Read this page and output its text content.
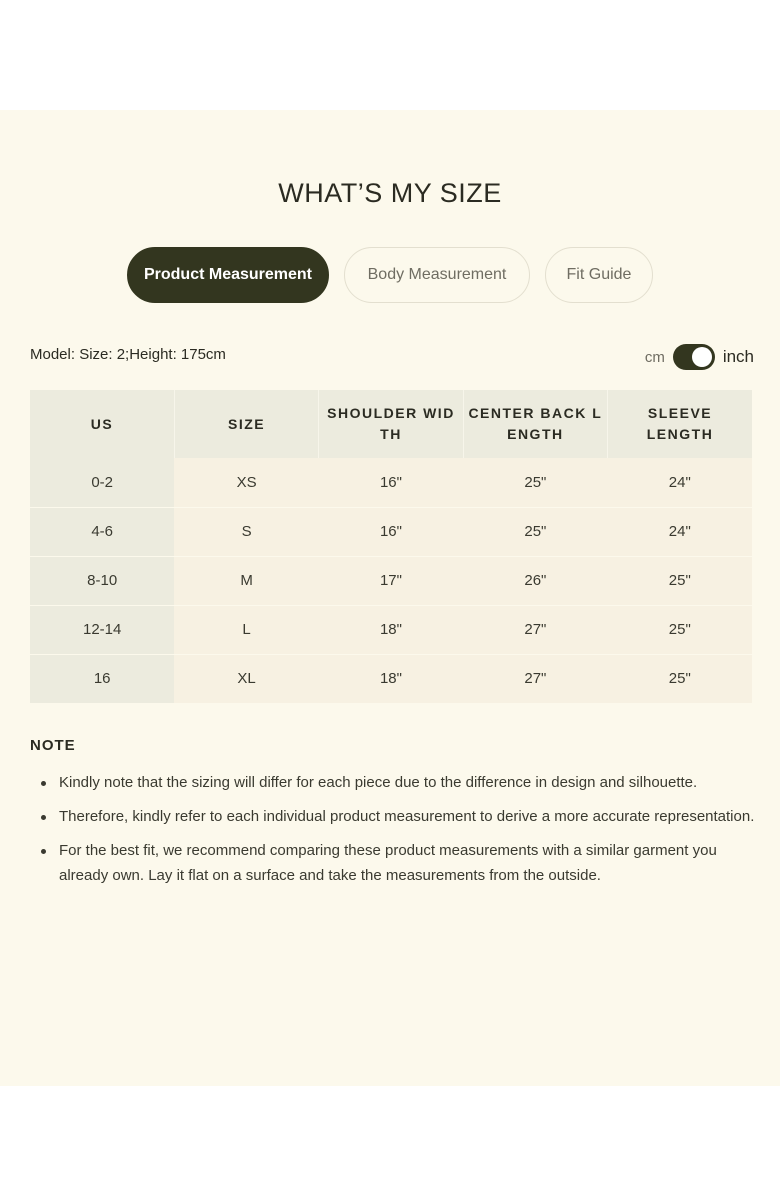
WHAT’S MY SIZE
Product Measurement	Body Measurement	Fit Guide
Model: Size: 2;Height: 175cm	cm	inch
US	SIZE	SHOULDER WIDTH	CENTER BACK LENGTH	SLEEVE LENGTH
0-2	XS	16"	25"	24"
4-6	S	16"	25"	24"
8-10	M	17"	26"	25"
12-14	L	18"	27"	25"
16	XL	18"	27"	25"
NOTE
Kindly note that the sizing will differ for each piece due to the difference in design and silhouette.
Therefore, kindly refer to each individual product measurement to derive a more accurate representation.
For the best fit, we recommend comparing these product measurements with a similar garment you already own. Lay it flat on a surface and take the measurements from the outside.
